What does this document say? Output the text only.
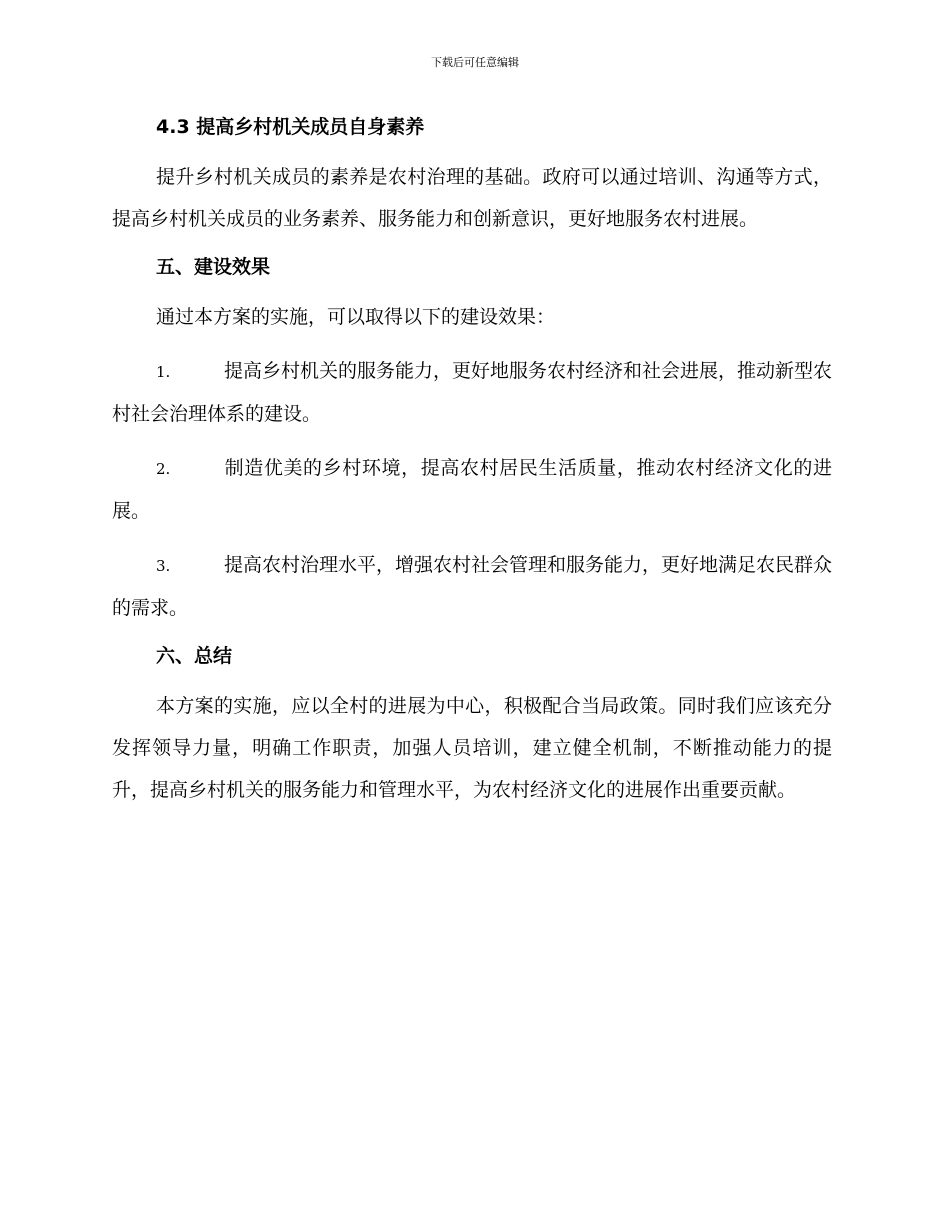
下载后可任意编辑
4.3 提高乡村机关成员自身素养

提升乡村机关成员的素养是农村治理的基础。政府可以通过培训、沟通等方式，提高乡村机关成员的业务素养、服务能力和创新意识，更好地服务农村进展。

五、建设效果

通过本方案的实施，可以取得以下的建设效果：

1.	提高乡村机关的服务能力，更好地服务农村经济和社会进展，推动新型农村社会治理体系的建设。

2.	制造优美的乡村环境，提高农村居民生活质量，推动农村经济文化的进展。

3.	提高农村治理水平，增强农村社会管理和服务能力，更好地满足农民群众的需求。

六、总结

本方案的实施，应以全村的进展为中心，积极配合当局政策。同时我们应该充分发挥领导力量，明确工作职责，加强人员培训，建立健全机制，不断推动能力的提升，提高乡村机关的服务能力和管理水平，为农村经济文化的进展作出重要贡献。
